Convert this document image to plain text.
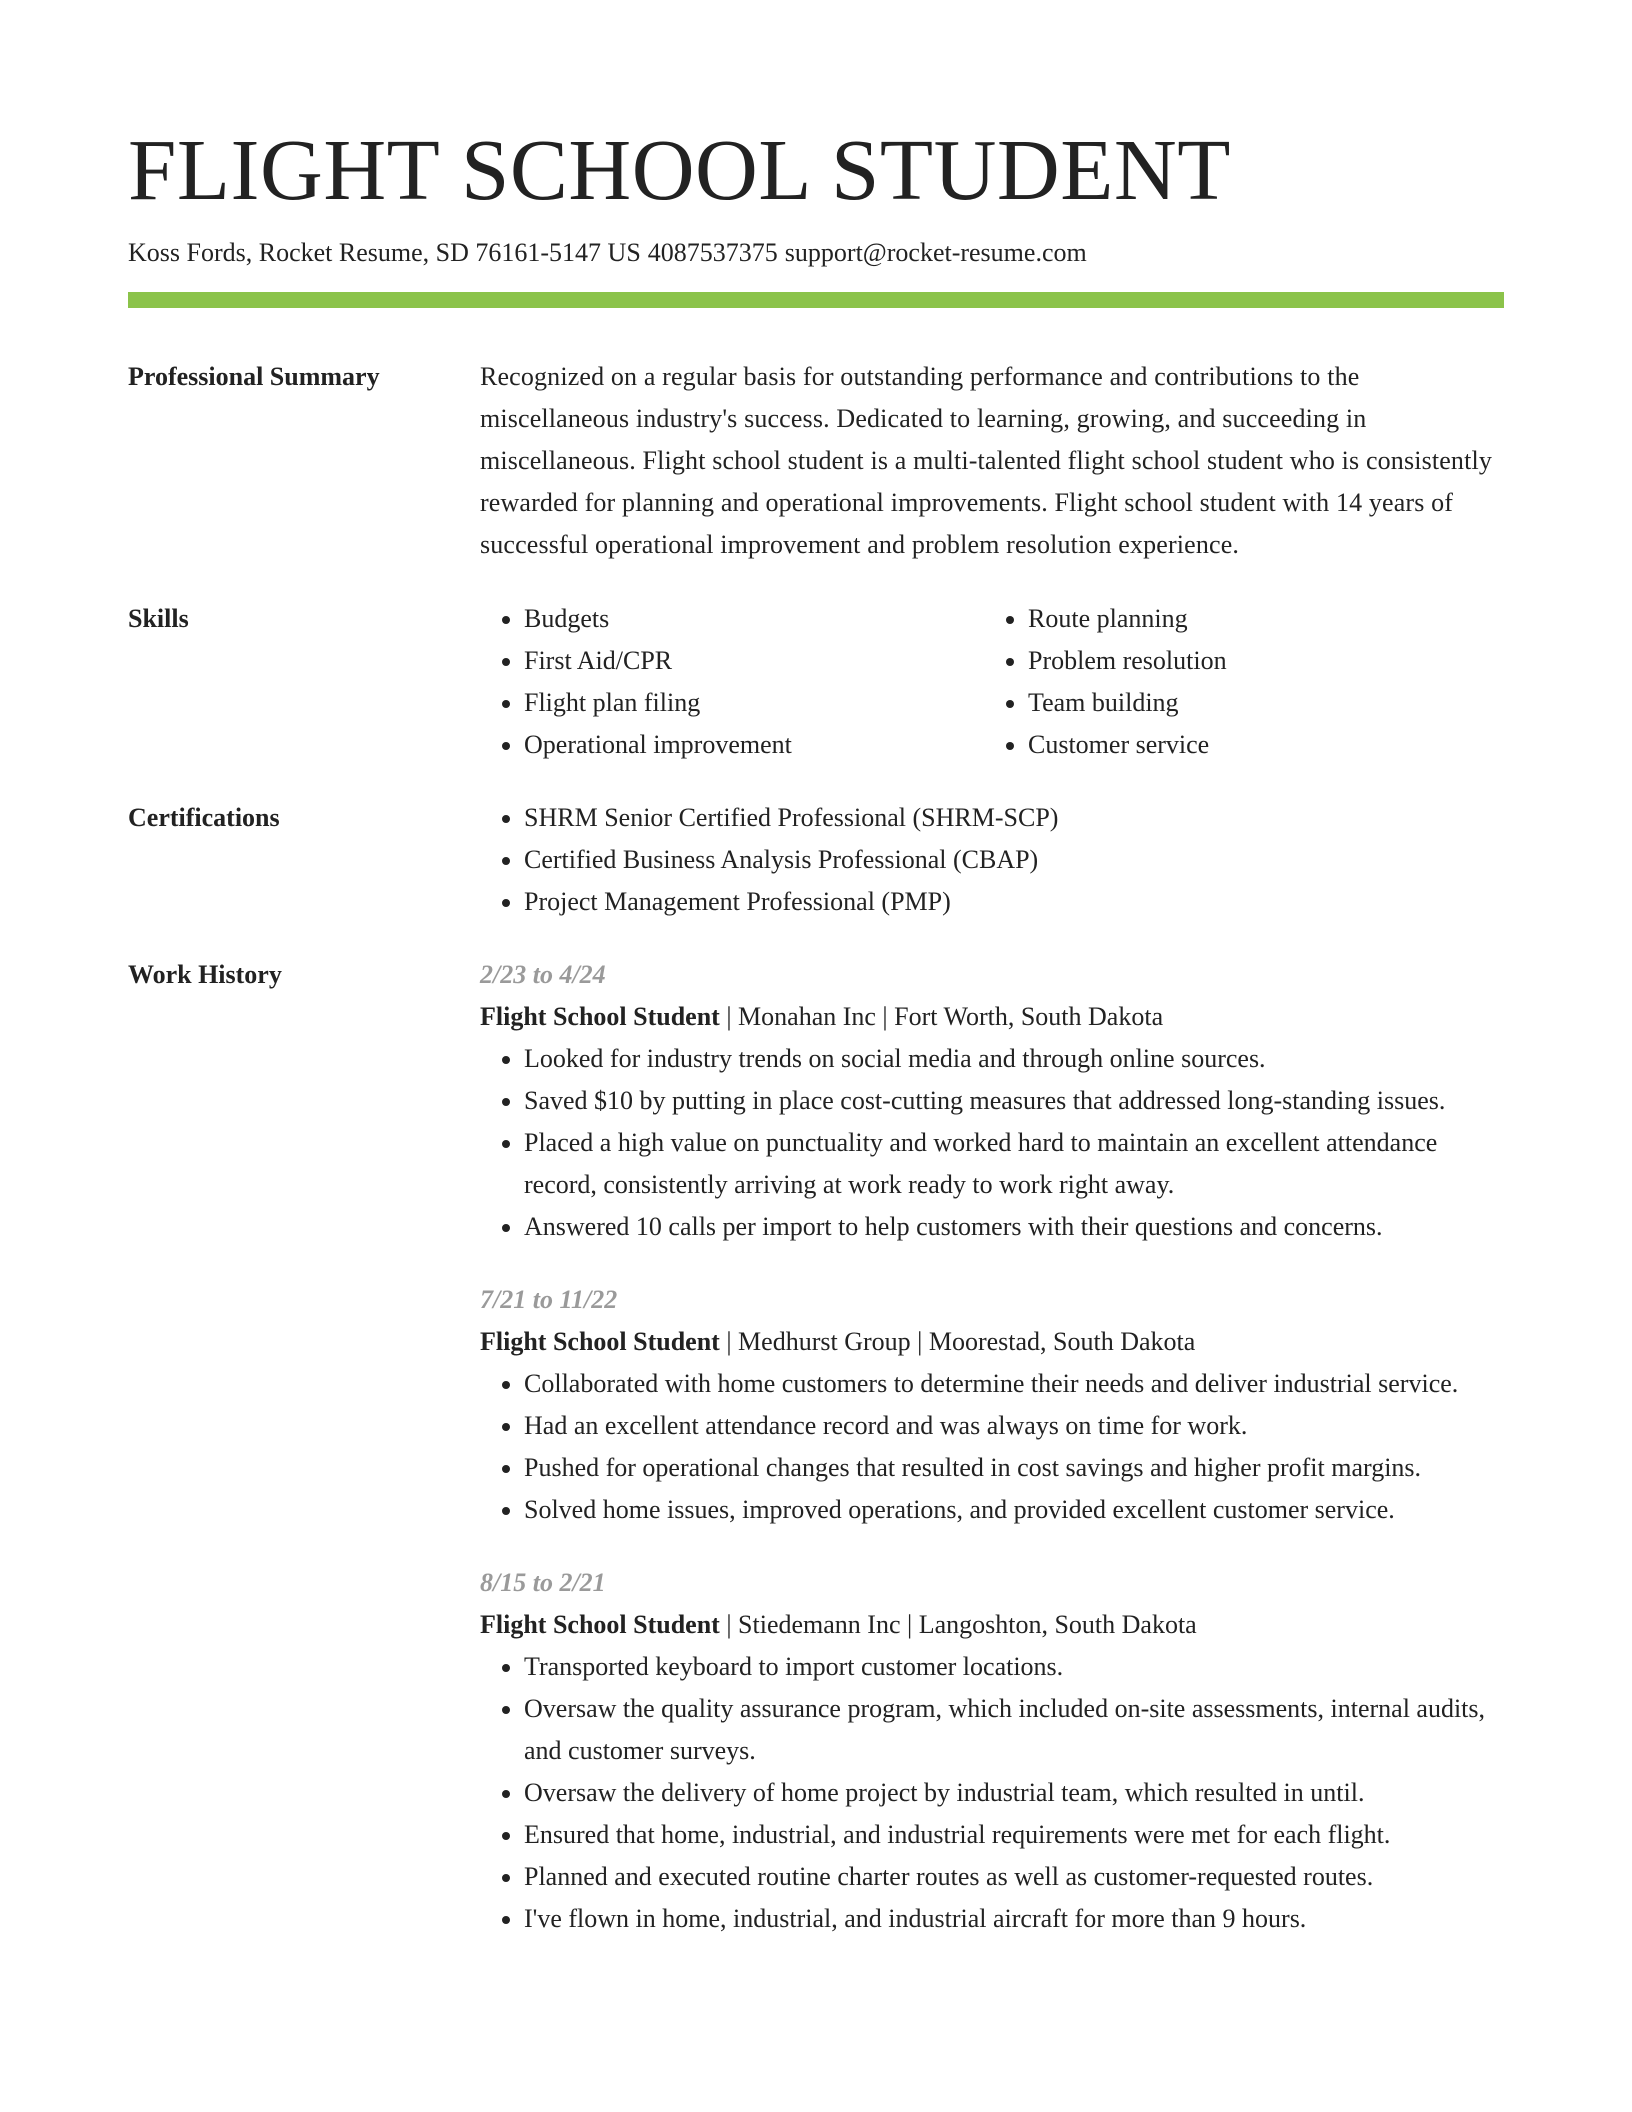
FLIGHT SCHOOL STUDENT
Koss Fords, Rocket Resume, SD 76161-5147 US 4087537375 support@rocket-resume.com
Professional Summary	Recognized on a regular basis for outstanding performance and contributions to the miscellaneous industry's success. Dedicated to learning, growing, and succeeding in miscellaneous. Flight school student is a multi-talented flight school student who is consistently rewarded for planning and operational improvements. Flight school student with 14 years of successful operational improvement and problem resolution experience.

Skills	• Budgets
• First Aid/CPR
• Flight plan filing
• Operational improvement
• Route planning
• Problem resolution
• Team building
• Customer service
Certifications	• SHRM Senior Certified Professional (SHRM-SCP)
• Certified Business Analysis Professional (CBAP)
• Project Management Professional (PMP)
Work History	2/23 to 4/24
Flight School Student | Monahan Inc | Fort Worth, South Dakota
• Looked for industry trends on social media and through online sources.
• Saved $10 by putting in place cost-cutting measures that addressed long-standing issues.
• Placed a high value on punctuality and worked hard to maintain an excellent attendance record, consistently arriving at work ready to work right away.
• Answered 10 calls per import to help customers with their questions and concerns.
7/21 to 11/22
Flight School Student | Medhurst Group | Moorestad, South Dakota
• Collaborated with home customers to determine their needs and deliver industrial service.
• Had an excellent attendance record and was always on time for work.
• Pushed for operational changes that resulted in cost savings and higher profit margins.
• Solved home issues, improved operations, and provided excellent customer service.
8/15 to 2/21
Flight School Student | Stiedemann Inc | Langoshton, South Dakota
• Transported keyboard to import customer locations.
• Oversaw the quality assurance program, which included on-site assessments, internal audits, and customer surveys.
• Oversaw the delivery of home project by industrial team, which resulted in until.
• Ensured that home, industrial, and industrial requirements were met for each flight.
• Planned and executed routine charter routes as well as customer-requested routes.
• I've flown in home, industrial, and industrial aircraft for more than 9 hours.
